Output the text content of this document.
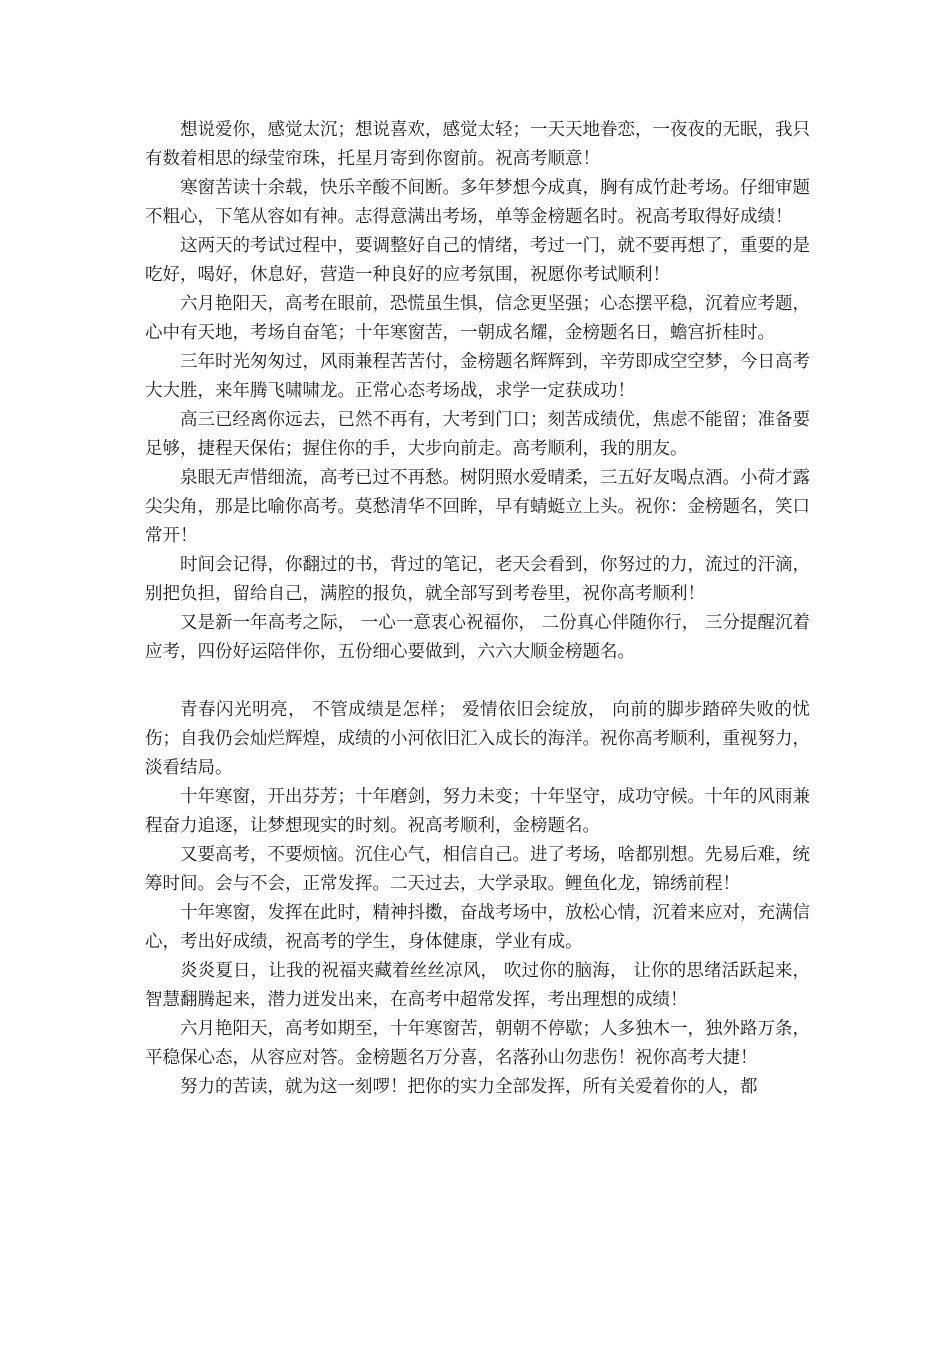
想说爱你，感觉太沉；想说喜欢，感觉太轻；一天天地眷恋，一夜夜的无眠，我只有数着相思的绿莹帘珠，托星月寄到你窗前。祝高考顺意！

寒窗苦读十余载，快乐辛酸不间断。多年梦想今成真，胸有成竹赴考场。仔细审题不粗心，下笔从容如有神。志得意满出考场，单等金榜题名时。祝高考取得好成绩！

这两天的考试过程中，要调整好自己的情绪，考过一门，就不要再想了，重要的是吃好，喝好，休息好，营造一种良好的应考氛围，祝愿你考试顺利！

六月艳阳天，高考在眼前，恐慌虽生惧，信念更坚强；心态摆平稳，沉着应考题，心中有天地，考场自奋笔；十年寒窗苦，一朝成名耀，金榜题名日，蟾宫折桂时。

三年时光匆匆过，风雨兼程苦苦付，金榜题名辉辉到，辛劳即成空空梦，今日高考大大胜，来年腾飞啸啸龙。正常心态考场战，求学一定获成功！

高三已经离你远去，已然不再有，大考到门口；刻苦成绩优，焦虑不能留；准备要足够，捷程天保佑；握住你的手，大步向前走。高考顺利，我的朋友。

泉眼无声惜细流，高考已过不再愁。树阴照水爱晴柔，三五好友喝点酒。小荷才露尖尖角，那是比喻你高考。莫愁清华不回眸，早有蜻蜓立上头。祝你：金榜题名，笑口常开！

时间会记得，你翻过的书，背过的笔记，老天会看到，你努过的力，流过的汗滴，别把负担，留给自己，满腔的报负，就全部写到考卷里，祝你高考顺利！

又是新一年高考之际， 一心一意衷心祝福你， 二份真心伴随你行， 三分提醒沉着应考，四份好运陪伴你，五份细心要做到，六六大顺金榜题名。

青春闪光明亮， 不管成绩是怎样； 爱情依旧会绽放， 向前的脚步踏碎失败的忧伤；自我仍会灿烂辉煌，成绩的小河依旧汇入成长的海洋。祝你高考顺利，重视努力，淡看结局。

十年寒窗，开出芬芳；十年磨剑，努力未变；十年坚守，成功守候。十年的风雨兼程奋力追逐，让梦想现实的时刻。祝高考顺利，金榜题名。

又要高考，不要烦恼。沉住心气，相信自己。进了考场，啥都别想。先易后难，统筹时间。会与不会，正常发挥。二天过去，大学录取。鲤鱼化龙，锦绣前程！

十年寒窗，发挥在此时，精神抖擞，奋战考场中，放松心情，沉着来应对，充满信心，考出好成绩，祝高考的学生，身体健康，学业有成。

炎炎夏日，让我的祝福夹藏着丝丝凉风， 吹过你的脑海， 让你的思绪活跃起来，智慧翻腾起来，潜力迸发出来，在高考中超常发挥，考出理想的成绩！

六月艳阳天，高考如期至，十年寒窗苦，朝朝不停歇；人多独木一，独外路万条，平稳保心态，从容应对答。金榜题名万分喜，名落孙山勿悲伤！祝你高考大捷！

努力的苦读，就为这一刻啰！把你的实力全部发挥，所有关爱着你的人，都
